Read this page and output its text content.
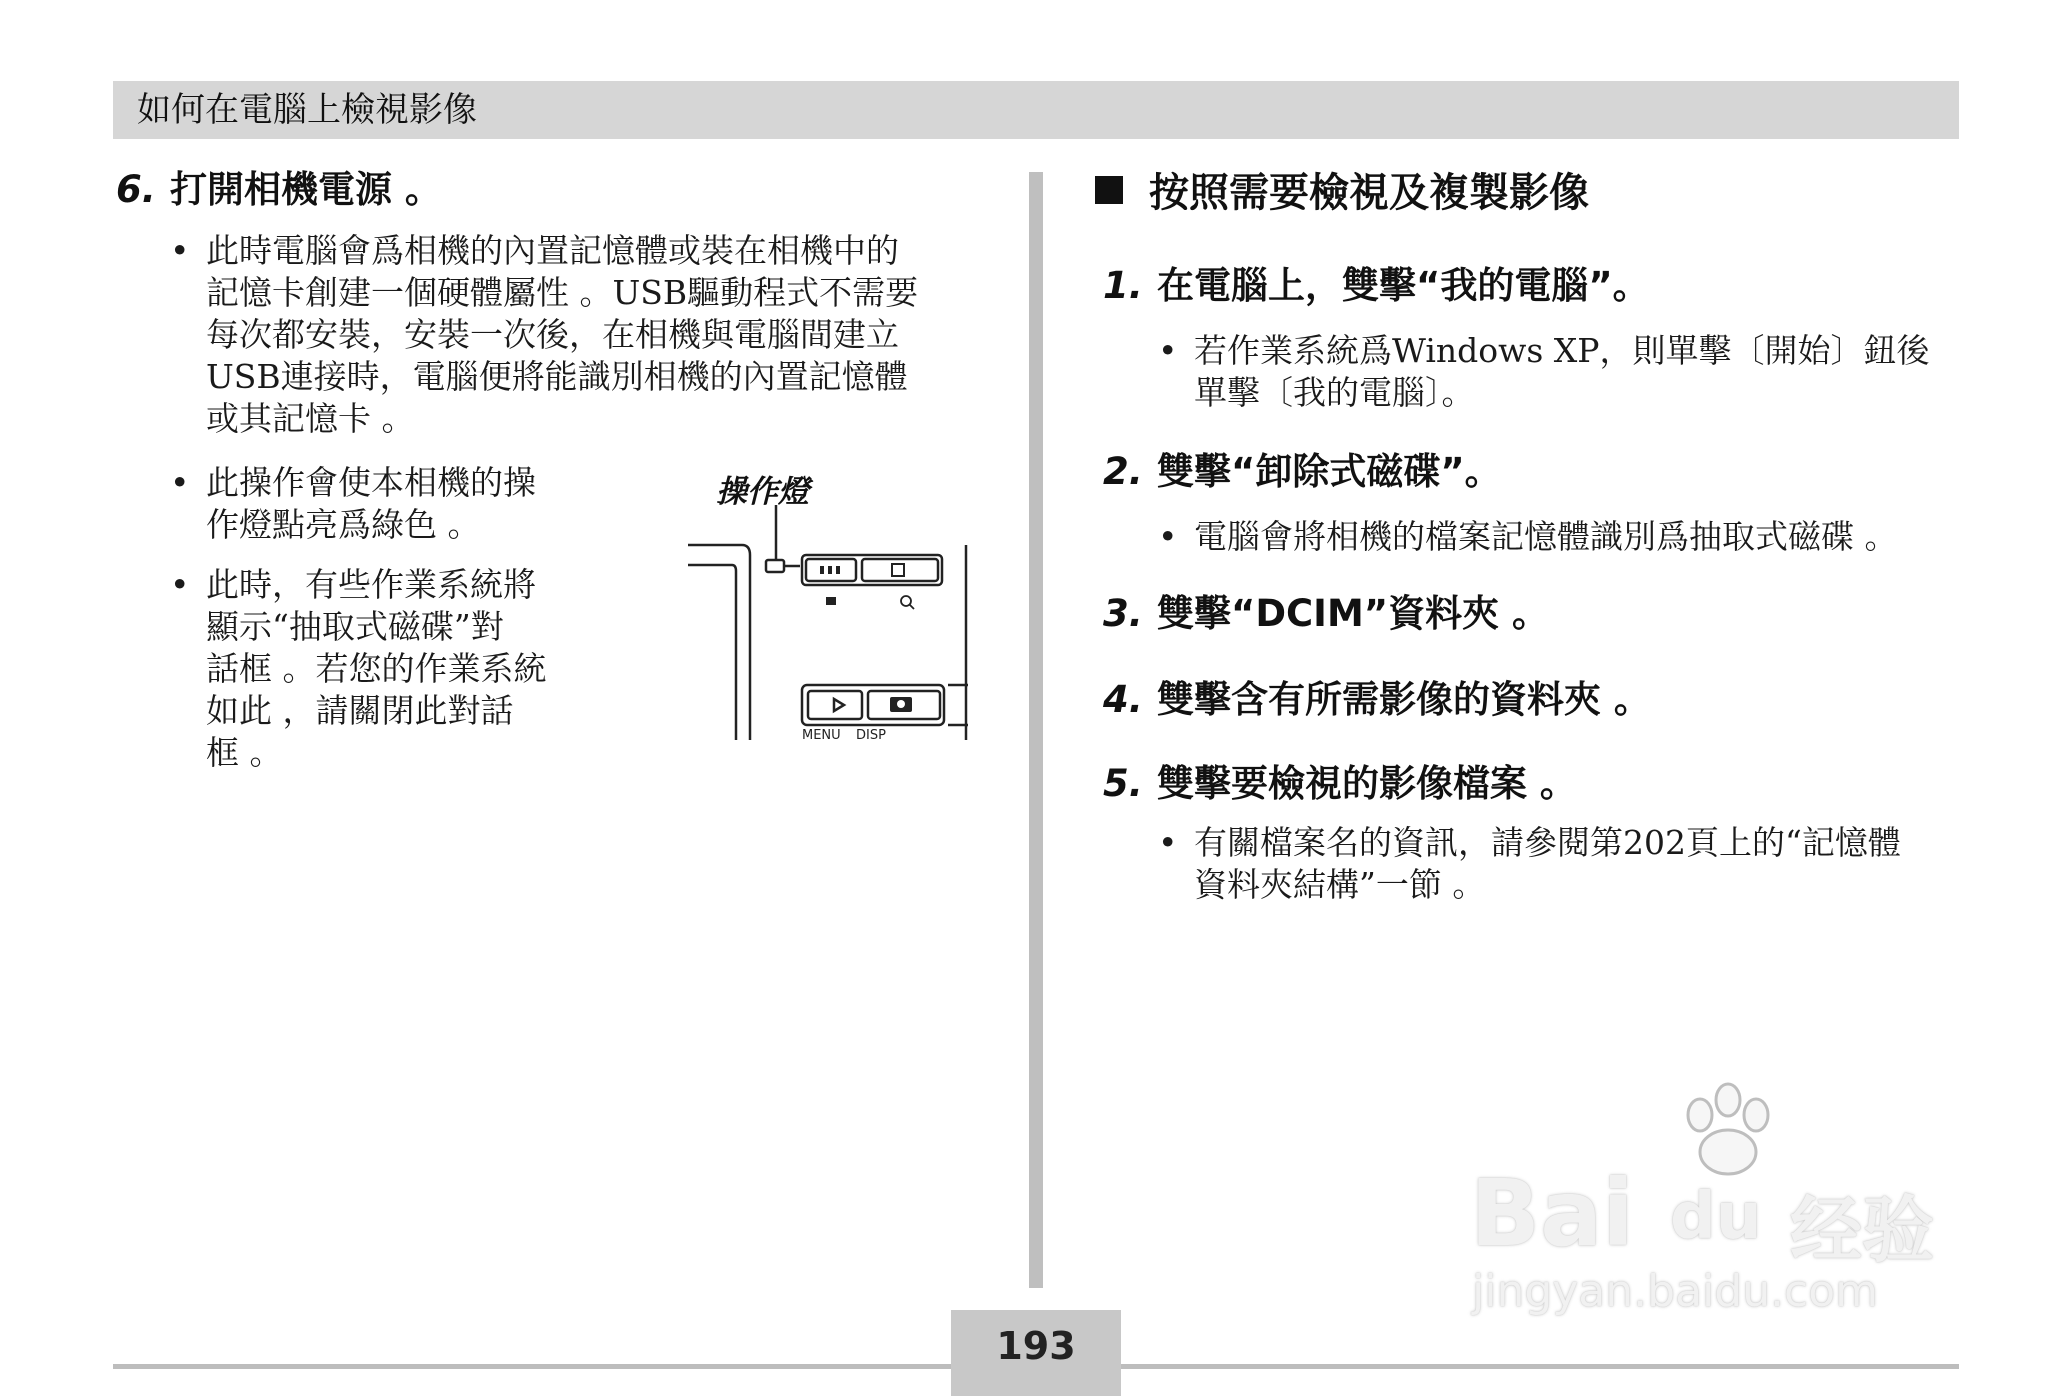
如何在電腦上檢視影像
6. 打開相機電源 。
• 此時電腦會爲相機的內置記憶體或裝在相機中的
記憶卡創建一個硬體屬性 。USB驅動程式不需要
每次都安裝，安裝一次後，在相機與電腦間建立
USB連接時，電腦便將能識別相機的內置記憶體
或其記憶卡 。
• 此操作會使本相機的操
作燈點亮爲綠色 。
• 此時，有些作業系統將
顯示“抽取式磁碟”對
話框 。若您的作業系統
如此 ，請關閉此對話
框 。
操作燈
MENU DISP
按照需要檢視及複製影像
1. 在電腦上，雙擊“我的電腦”。
• 若作業系統爲Windows XP，則單擊〔開始〕鈕後
單擊〔我的電腦〕。
2. 雙擊“卸除式磁碟”。
• 電腦會將相機的檔案記憶體識別爲抽取式磁碟 。
3. 雙擊“DCIM”資料夾 。
4. 雙擊含有所需影像的資料夾 。
5. 雙擊要檢視的影像檔案 。
• 有關檔案名的資訊，請參閱第202頁上的“記憶體
資料夾結構”一節 。
Bai du 经验
jingyan.baidu.com
193
